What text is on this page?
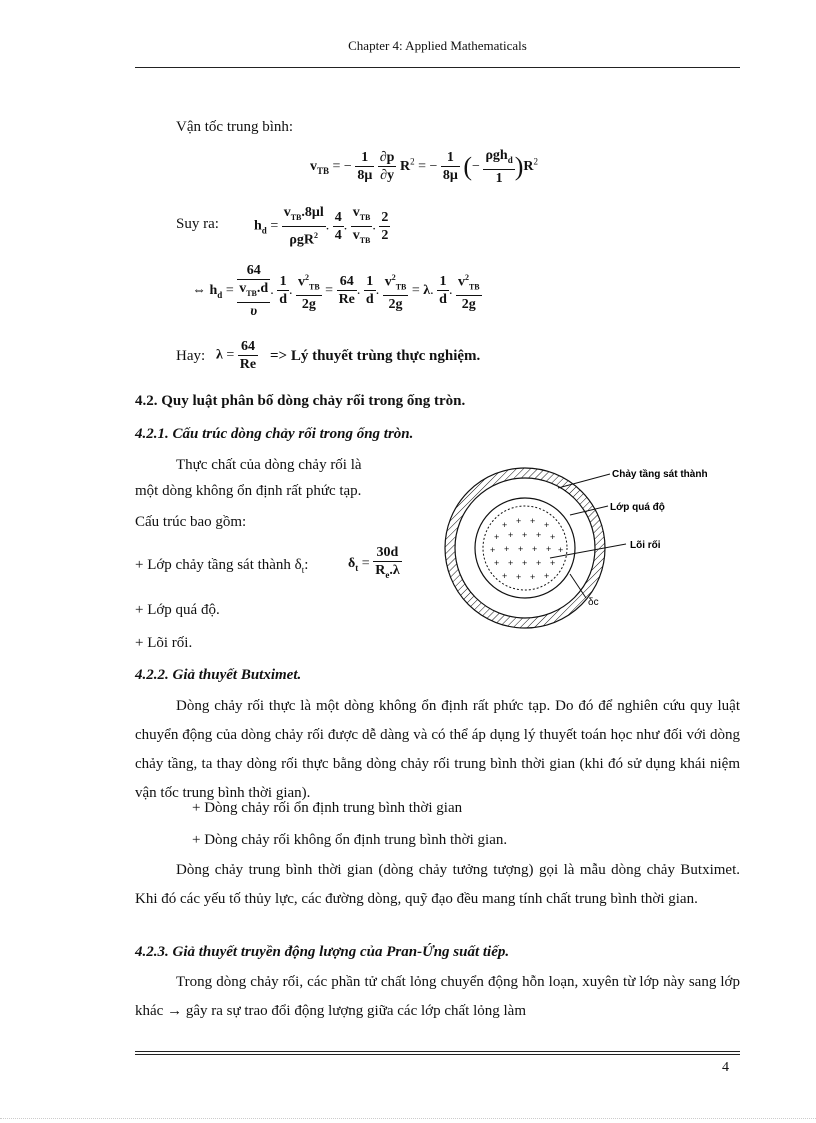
Chapter 4: Applied Mathematicals
Vận tốc trung bình:
$v_{TB}$ = − $\frac{1}{8\mu}$
$\frac{\partial p}{\partial y} R^2$ = − $\frac{1}{8\mu}$ (− $\frac{\rho gh_d}{1} )R^2$
Suy ra:	$h_d = \frac{v_{TB}.8\mu l}{\rho gR^2}$ . $\frac{4}{4}$ . $\frac{v_{TB}}{v_{TB}}$ . $\frac{2}{2}$
⇔ $h_d$ =
64
$v_{TB}.d$
υ
. $\frac{1}{d}$ . $\frac{v^2_{TB}}{2g} = \frac{64}{Re}$ . $\frac{1}{d}$ . $\frac{v^2_{TB}}{2g} = \lambda$. $\frac{1}{d}$ . $\frac{v^2_{TB}}{2g}$
Hay: $\lambda = \frac{64}{Re}$ => Lý thuyết trùng thực nghiệm.
4.2. Quy luật phân bố dòng chảy rối trong ống tròn.
4.2.1. Cấu trúc dòng chảy rối trong ống tròn.
Thực chất của dòng chảy rối là
một dòng không ổn định rất phức tạp.
Cấu trúc bao gồm:
+ Lớp chảy tầng sát thành $\delta_t$:	$\delta_t = \frac{30d}{R_e.\lambda}$
+ Lớp quá độ.
+ Lõi rối.
+ + + +
+ + + + +
+ + + + + +
+ + + + +
+ + + +
Chảy tầng sát thành
Lớp quá độ
Lõi rối
δc
4.2.2. Giả thuyết Butximet.
Dòng chảy rối thực là một dòng không ổn định rất phức tạp. Do đó để nghiên cứu quy luật chuyển động của dòng chảy rối được dễ dàng và có thể áp dụng lý thuyết toán học như đối với dòng chảy tầng, ta thay dòng rối thực bằng dòng chảy rối trung bình thời gian (khi đó sử dụng khái niệm vận tốc trung bình thời gian).
+ Dòng chảy rối ổn định trung bình thời gian
+ Dòng chảy rối không ổn định trung bình thời gian.
Dòng chảy trung bình thời gian (dòng chảy tưởng tượng) gọi là mẫu dòng chảy Butximet. Khi đó các yếu tố thủy lực, các đường dòng, quỹ đạo đều mang tính chất trung bình thời gian.
4.2.3. Giả thuyết truyền động lượng của Pran-Ứng suất tiếp.
Trong dòng chảy rối, các phần tử chất lỏng chuyển động hỗn loạn, xuyên từ lớp này sang lớp khác → gây ra sự trao đổi động lượng giữa các lớp chất lỏng làm
4
